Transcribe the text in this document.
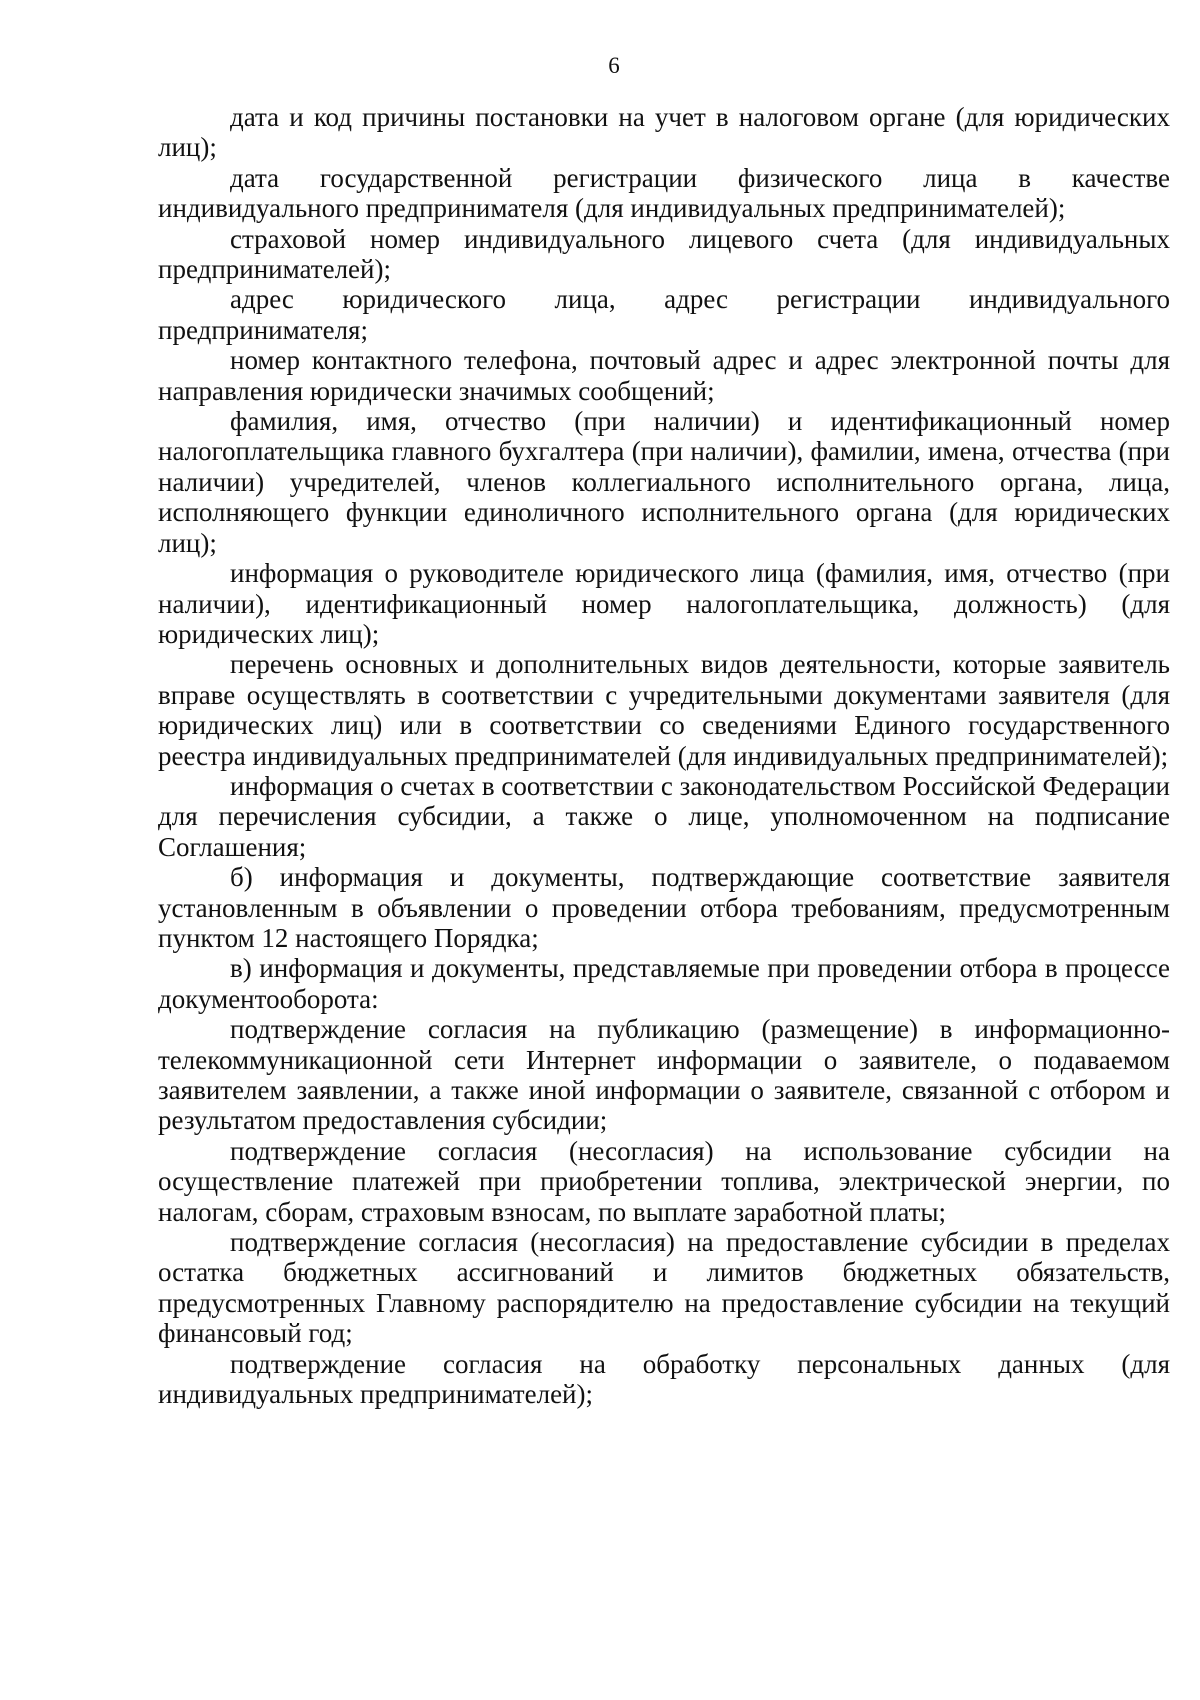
6

дата и код причины постановки на учет в налоговом органе (для юридических лиц);

дата государственной регистрации физического лица в качестве индивидуального предпринимателя (для индивидуальных предпринимателей);

страховой номер индивидуального лицевого счета (для индивидуальных предпринимателей);

адрес юридического лица, адрес регистрации индивидуального предпринимателя;

номер контактного телефона, почтовый адрес и адрес электронной почты для направления юридически значимых сообщений;

фамилия, имя, отчество (при наличии) и идентификационный номер налогоплательщика главного бухгалтера (при наличии), фамилии, имена, отчества (при наличии) учредителей, членов коллегиального исполнительного органа, лица, исполняющего функции единоличного исполнительного органа (для юридических лиц);

информация о руководителе юридического лица (фамилия, имя, отчество (при наличии), идентификационный номер налогоплательщика, должность) (для юридических лиц);

перечень основных и дополнительных видов деятельности, которые заявитель вправе осуществлять в соответствии с учредительными документами заявителя (для юридических лиц) или в соответствии со сведениями Единого государственного реестра индивидуальных предпринимателей (для индивидуальных предпринимателей);

информация о счетах в соответствии с законодательством Российской Федерации для перечисления субсидии, а также о лице, уполномоченном на подписание Соглашения;

б) информация и документы, подтверждающие соответствие заявителя установленным в объявлении о проведении отбора требованиям, предусмотренным пунктом 12 настоящего Порядка;

в) информация и документы, представляемые при проведении отбора в процессе документооборота:

подтверждение согласия на публикацию (размещение) в информационно-телекоммуникационной сети Интернет информации о заявителе, о подаваемом заявителем заявлении, а также иной информации о заявителе, связанной с отбором и результатом предоставления субсидии;

подтверждение согласия (несогласия) на использование субсидии на осуществление платежей при приобретении топлива, электрической энергии, по налогам, сборам, страховым взносам, по выплате заработной платы;

подтверждение согласия (несогласия) на предоставление субсидии в пределах остатка бюджетных ассигнований и лимитов бюджетных обязательств, предусмотренных Главному распорядителю на предоставление субсидии на текущий финансовый год;

подтверждение согласия на обработку персональных данных (для индивидуальных предпринимателей);
